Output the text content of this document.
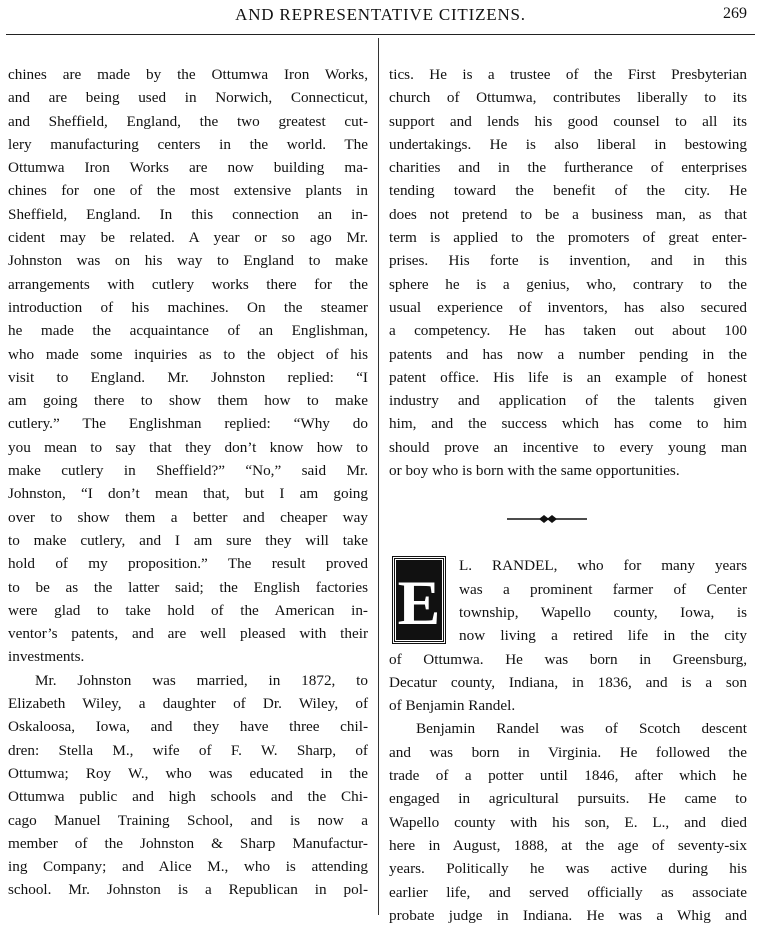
AND REPRESENTATIVE CITIZENS.	269
chines are made by the Ottumwa Iron Works,
and are being used in Norwich, Connecticut,
and Sheffield, England, the two greatest cut-
lery manufacturing centers in the world. The
Ottumwa Iron Works are now building ma-
chines for one of the most extensive plants in
Sheffield, England. In this connection an in-
cident may be related. A year or so ago Mr.
Johnston was on his way to England to make
arrangements with cutlery works there for the
introduction of his machines. On the steamer
he made the acquaintance of an Englishman,
who made some inquiries as to the object of his
visit to England. Mr. Johnston replied: “I
am going there to show them how to make
cutlery.” The Englishman replied: “Why do
you mean to say that they don’t know how to
make cutlery in Sheffield?” “No,” said Mr.
Johnston, “I don’t mean that, but I am going
over to show them a better and cheaper way
to make cutlery, and I am sure they will take
hold of my proposition.” The result proved
to be as the latter said; the English factories
were glad to take hold of the American in-
ventor’s patents, and are well pleased with their
investments.
Mr. Johnston was married, in 1872, to
Elizabeth Wiley, a daughter of Dr. Wiley, of
Oskaloosa, Iowa, and they have three chil-
dren: Stella M., wife of F. W. Sharp, of
Ottumwa; Roy W., who was educated in the
Ottumwa public and high schools and the Chi-
cago Manuel Training School, and is now a
member of the Johnston & Sharp Manufactur-
ing Company; and Alice M., who is attending
school. Mr. Johnston is a Republican in pol-
tics. He is a trustee of the First Presbyterian
church of Ottumwa, contributes liberally to its
support and lends his good counsel to all its
undertakings. He is also liberal in bestowing
charities and in the furtherance of enterprises
tending toward the benefit of the city. He
does not pretend to be a business man, as that
term is applied to the promoters of great enter-
prises. His forte is invention, and in this
sphere he is a genius, who, contrary to the
usual experience of inventors, has also secured
a competency. He has taken out about 100
patents and has now a number pending in the
patent office. His life is an example of honest
industry and application of the talents given
him, and the success which has come to him
should prove an incentive to every young man
or boy who is born with the same opportunities.
E
L. RANDEL, who for many years
was a prominent farmer of Center
township, Wapello county, Iowa, is
now living a retired life in the city
of Ottumwa. He was born in Greensburg,
Decatur county, Indiana, in 1836, and is a son
of Benjamin Randel.
Benjamin Randel was of Scotch descent
and was born in Virginia. He followed the
trade of a potter until 1846, after which he
engaged in agricultural pursuits. He came to
Wapello county with his son, E. L., and died
here in August, 1888, at the age of seventy-six
years. Politically he was active during his
earlier life, and served officially as associate
probate judge in Indiana. He was a Whig and
